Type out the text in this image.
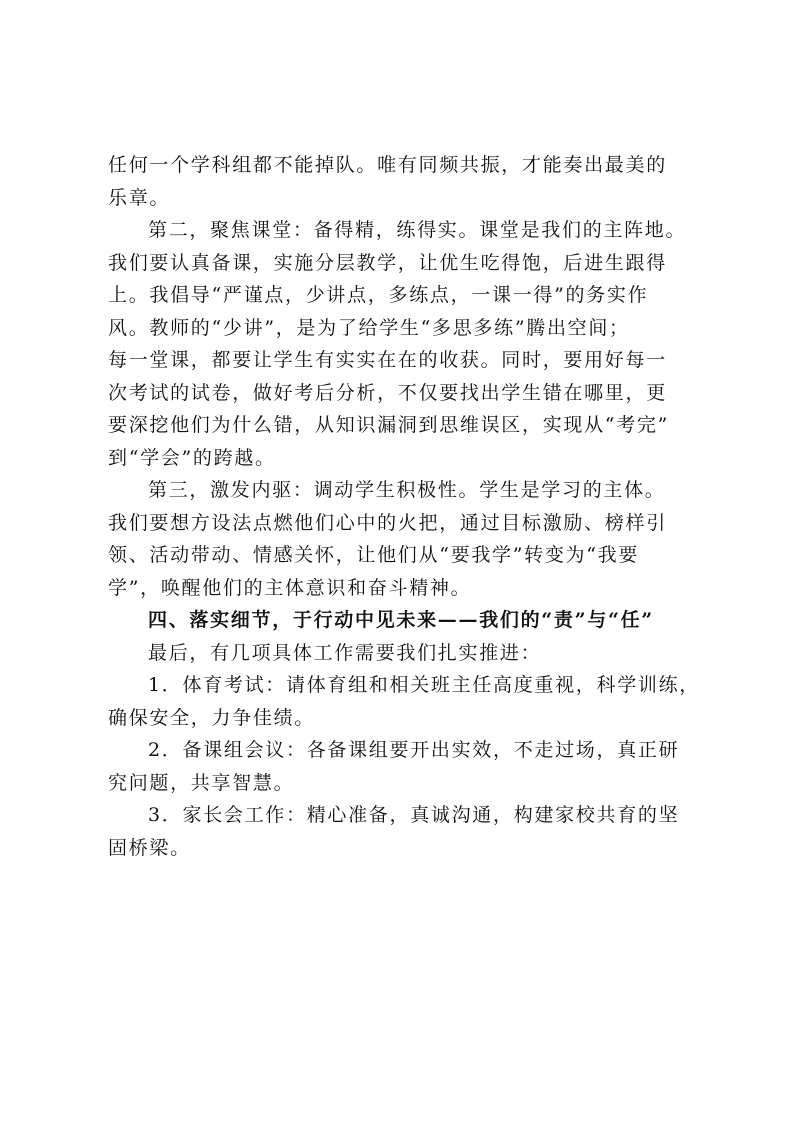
任何一个学科组都不能掉队。唯有同频共振，才能奏出最美的
乐章。
第二，聚焦课堂：备得精，练得实。课堂是我们的主阵地。
我们要认真备课，实施分层教学，让优生吃得饱，后进生跟得
上。我倡导“严谨点，少讲点，多练点，一课一得”的务实作
风。教师的“少讲”，是为了给学生“多思多练”腾出空间；
每一堂课，都要让学生有实实在在的收获。同时，要用好每一
次考试的试卷，做好考后分析，不仅要找出学生错在哪里，更
要深挖他们为什么错，从知识漏洞到思维误区，实现从“考完”
到“学会”的跨越。
第三，激发内驱：调动学生积极性。学生是学习的主体。
我们要想方设法点燃他们心中的火把，通过目标激励、榜样引
领、活动带动、情感关怀，让他们从“要我学”转变为“我要
学”，唤醒他们的主体意识和奋斗精神。
四、落实细节，于行动中见未来——我们的“责”与“任”
最后，有几项具体工作需要我们扎实推进：
1．体育考试：请体育组和相关班主任高度重视，科学训练，
确保安全，力争佳绩。
2．备课组会议：各备课组要开出实效，不走过场，真正研
究问题，共享智慧。
3．家长会工作：精心准备，真诚沟通，构建家校共育的坚
固桥梁。
